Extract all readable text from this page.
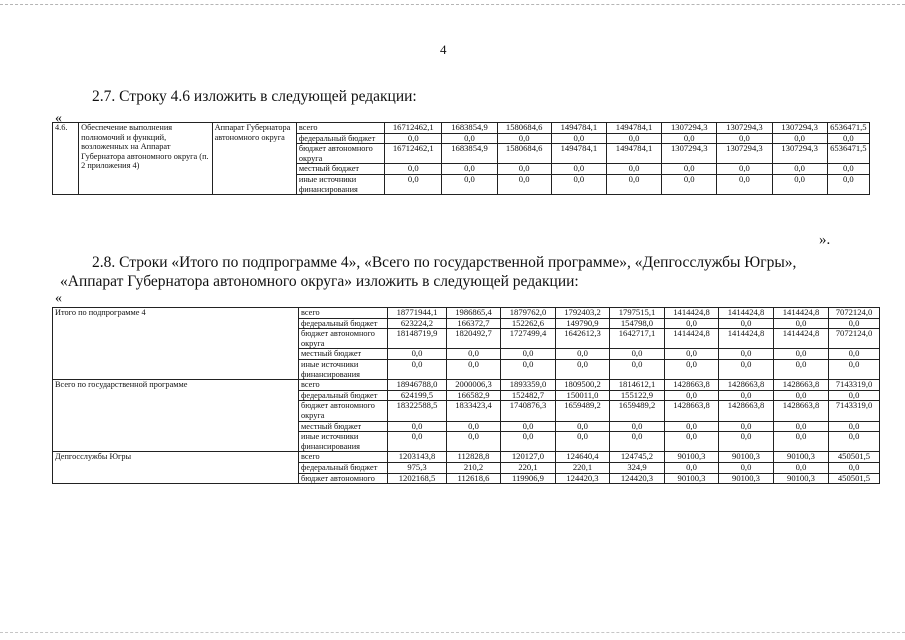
4
2.7. Строку 4.6 изложить в следующей редакции:
«
4.6.	Обеспечение выполнения полномочий и функций, возложенных на Аппарат Губернатора автономного округа (п. 2 приложения 4)	Аппарат Губернатора автономного округа	всего	16712462,1	1683854,9	1580684,6	1494784,1	1494784,1	1307294,3	1307294,3	1307294,3	6536471,5
			федеральный бюджет	0,0	0,0	0,0	0,0	0,0	0,0	0,0	0,0	0,0
			бюджет автономного округа	16712462,1	1683854,9	1580684,6	1494784,1	1494784,1	1307294,3	1307294,3	1307294,3	6536471,5
			местный бюджет	0,0	0,0	0,0	0,0	0,0	0,0	0,0	0,0	0,0
			иные источники финансирования	0,0	0,0	0,0	0,0	0,0	0,0	0,0	0,0	0,0
».
2.8. Строки «Итого по подпрограмме 4», «Всего по государственной программе», «Депгосслужбы Югры»,
«Аппарат Губернатора автономного округа» изложить в следующей редакции:
«
Итого по подпрограмме 4	всего	18771944,1	1986865,4	1879762,0	1792403,2	1797515,1	1414424,8	1414424,8	1414424,8	7072124,0
	федеральный бюджет	623224,2	166372,7	152262,6	149790,9	154798,0	0,0	0,0	0,0	0,0
	бюджет автономного округа	18148719,9	1820492,7	1727499,4	1642612,3	1642717,1	1414424,8	1414424,8	1414424,8	7072124,0
	местный бюджет	0,0	0,0	0,0	0,0	0,0	0,0	0,0	0,0	0,0
	иные источники финансирования	0,0	0,0	0,0	0,0	0,0	0,0	0,0	0,0	0,0
Всего по государственной программе	всего	18946788,0	2000006,3	1893359,0	1809500,2	1814612,1	1428663,8	1428663,8	1428663,8	7143319,0
	федеральный бюджет	624199,5	166582,9	152482,7	150011,0	155122,9	0,0	0,0	0,0	0,0
	бюджет автономного округа	18322588,5	1833423,4	1740876,3	1659489,2	1659489,2	1428663,8	1428663,8	1428663,8	7143319,0
	местный бюджет	0,0	0,0	0,0	0,0	0,0	0,0	0,0	0,0	0,0
	иные источники финансирования	0,0	0,0	0,0	0,0	0,0	0,0	0,0	0,0	0,0
Депгосслужбы Югры	всего	1203143,8	112828,8	120127,0	124640,4	124745,2	90100,3	90100,3	90100,3	450501,5
	федеральный бюджет	975,3	210,2	220,1	220,1	324,9	0,0	0,0	0,0	0,0
	бюджет автономного	1202168,5	112618,6	119906,9	124420,3	124420,3	90100,3	90100,3	90100,3	450501,5
